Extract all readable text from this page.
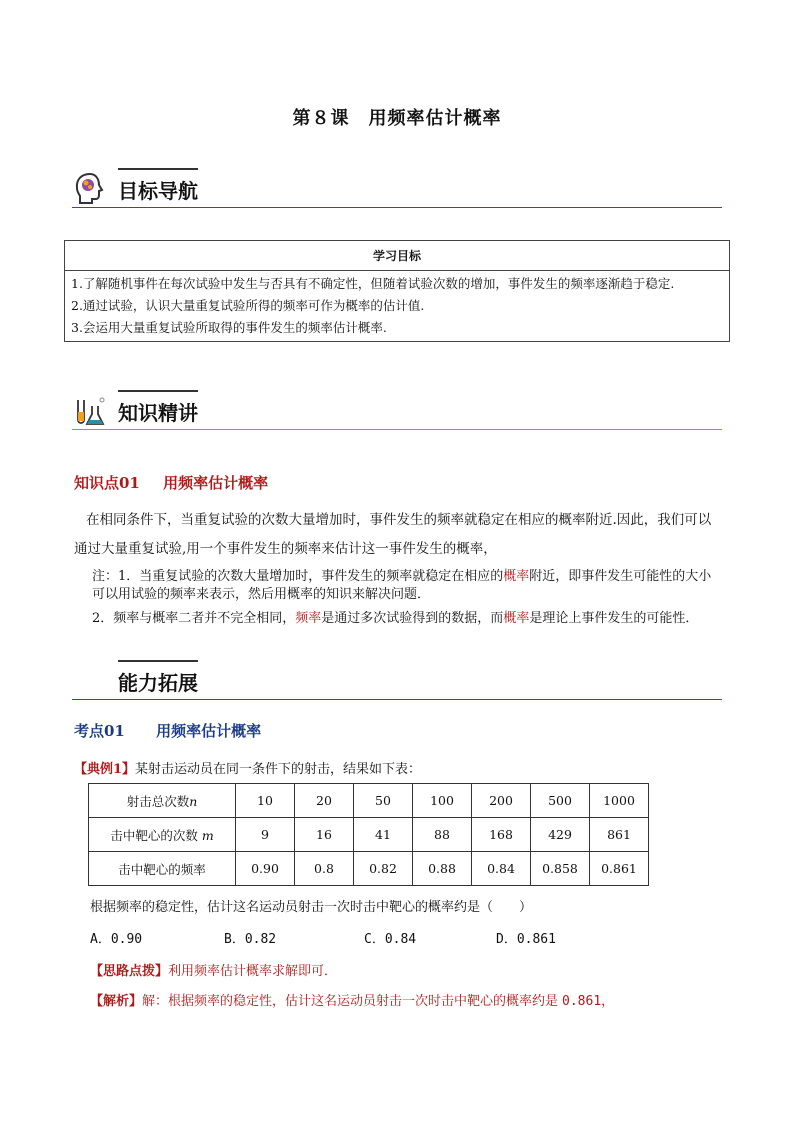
第８课　用频率估计概率
目标导航
学习目标
1.了解随机事件在每次试验中发生与否具有不确定性，但随着试验次数的增加，事件发生的频率逐渐趋于稳定.
2.通过试验，认识大量重复试验所得的频率可作为概率的估计值.
3.会运用大量重复试验所取得的事件发生的频率估计概率.
知识精讲
知识点01 用频率估计概率
在相同条件下，当重复试验的次数大量增加时，事件发生的频率就稳定在相应的概率附近.因此，我们可以通过大量重复试验,用一个事件发生的频率来估计这一事件发生的概率，
注：1．当重复试验的次数大量增加时，事件发生的频率就稳定在相应的概率附近，即事件发生可能性的大小可以用试验的频率来表示，然后用概率的知识来解决问题．
2．频率与概率二者并不完全相同，频率是通过多次试验得到的数据，而概率是理论上事件发生的可能性．
能力拓展
考点01 用频率估计概率
【典例1】某射击运动员在同一条件下的射击，结果如下表：
射击总次数n	10	20	50	100	200	500	1000
击中靶心的次数 m	9	16	41	88	168	429	861
击中靶心的频率	0.90	0.8	0.82	0.88	0.84	0.858	0.861
根据频率的稳定性，估计这名运动员射击一次时击中靶心的概率约是（　　）
A．0.90	B．0.82	C．0.84	D．0.861
【思路点拨】利用频率估计概率求解即可．
【解析】解：根据频率的稳定性，估计这名运动员射击一次时击中靶心的概率约是 0.861，
